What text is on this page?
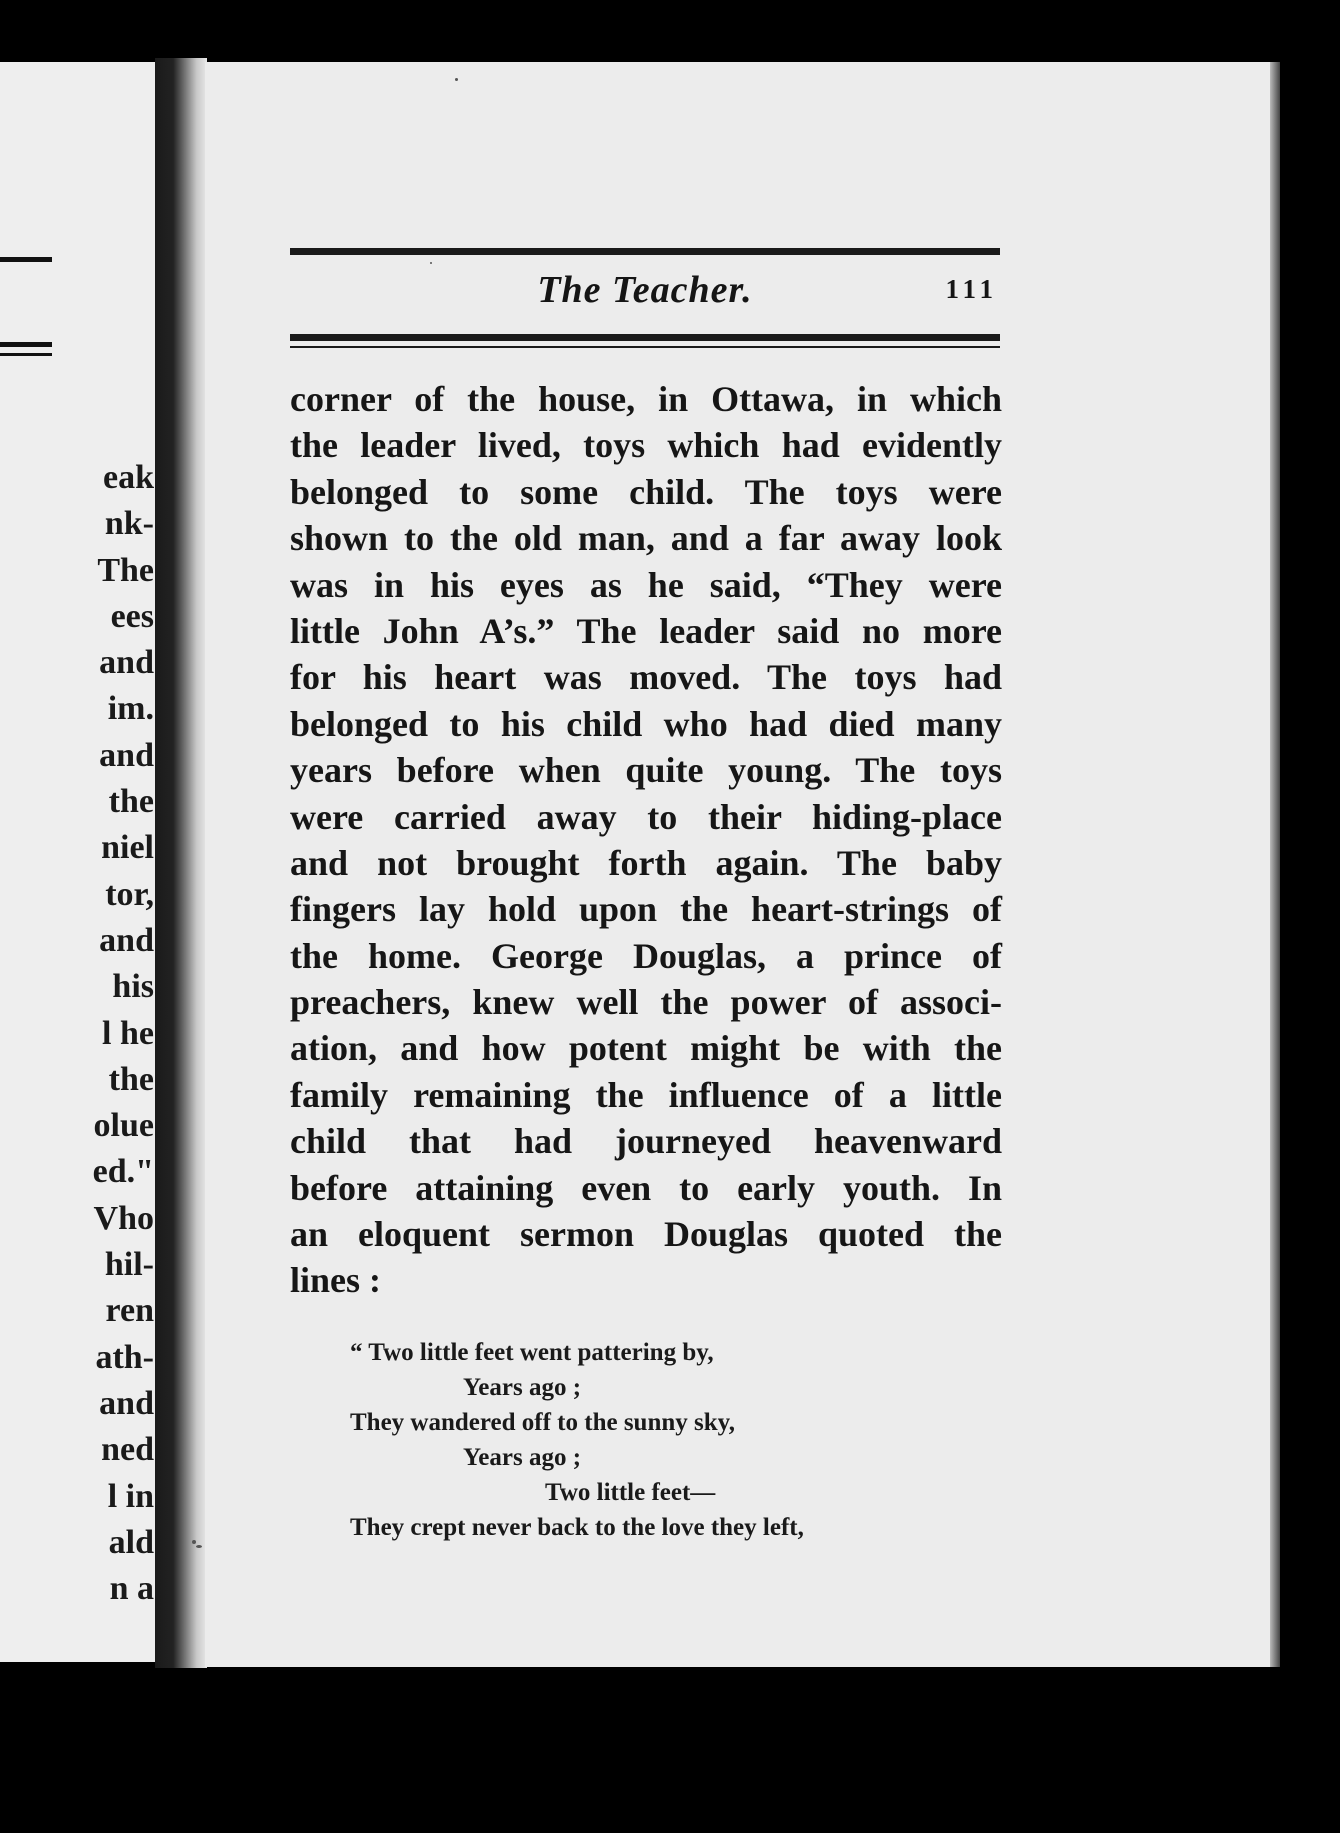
eak
nk-
The
ees
and
im.
and
the
niel
tor,
and
his
l he
the
olue
ed."
Vho
hil-
ren
ath-
and
ned
l in
ald
n a
The Teacher.	111
corner of the house, in Ottawa, in which
the leader lived, toys which had evidently
belonged to some child. The toys were
shown to the old man, and a far away look
was in his eyes as he said, “They were
little John A’s.” The leader said no more
for his heart was moved. The toys had
belonged to his child who had died many
years before when quite young. The toys
were carried away to their hiding-place
and not brought forth again. The baby
fingers lay hold upon the heart-strings of
the home. George Douglas, a prince of
preachers, knew well the power of associ-
ation, and how potent might be with the
family remaining the influence of a little
child that had journeyed heavenward
before attaining even to early youth. In
an eloquent sermon Douglas quoted the
lines :
“ Two little feet went pattering by,
Years ago ;
They wandered off to the sunny sky,
Years ago ;
Two little feet—
They crept never back to the love they left,
